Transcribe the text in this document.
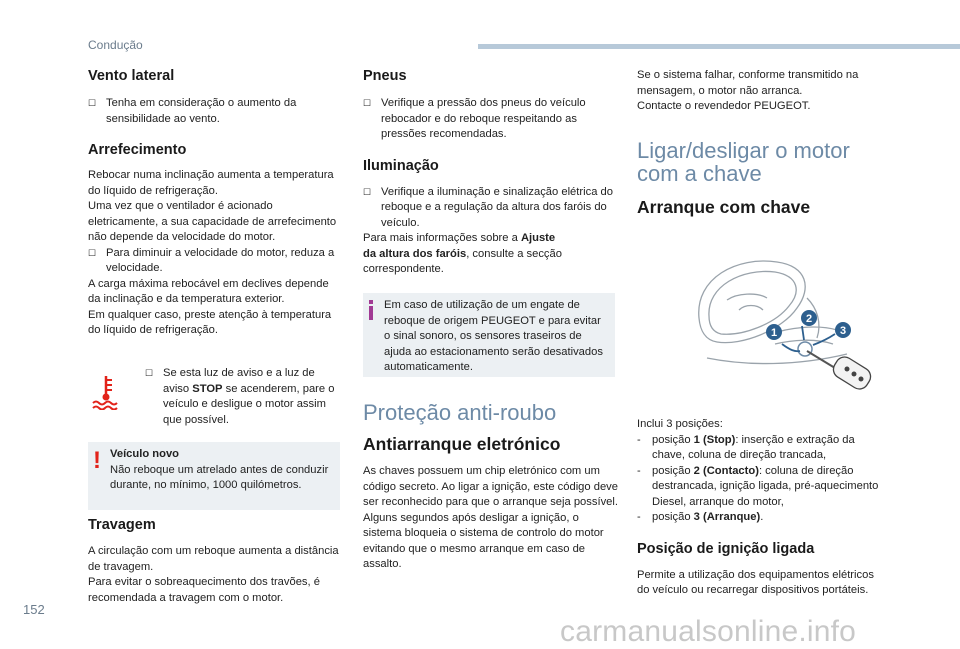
Condução
Vento lateral

☐ Tenha em consideração o aumento da sensibilidade ao vento.

Arrefecimento

Rebocar numa inclinação aumenta a temperatura do líquido de refrigeração.

Uma vez que o ventilador é acionado eletricamente, a sua capacidade de arrefecimento não depende da velocidade do motor.

☐ Para diminuir a velocidade do motor, reduza a velocidade.

A carga máxima rebocável em declives depende da inclinação e da temperatura exterior.

Em qualquer caso, preste atenção à temperatura do líquido de refrigeração.

☐ Se esta luz de aviso e a luz de aviso STOP se acenderem, pare o veículo e desligue o motor assim que possível.

! Veículo novo

Não reboque um atrelado antes de conduzir durante, no mínimo, 1000 quilómetros.

Travagem

A circulação com um reboque aumenta a distância de travagem.

Para evitar o sobreaquecimento dos travões, é recomendada a travagem com o motor.

Pneus

☐ Verifique a pressão dos pneus do veículo rebocador e do reboque respeitando as pressões recomendadas.

Iluminação

☐ Verifique a iluminação e sinalização elétrica do reboque e a regulação da altura dos faróis do veículo.

Para mais informações sobre a Ajuste
da altura dos faróis, consulte a secção correspondente.

Em caso de utilização de um engate de reboque de origem PEUGEOT e para evitar o sinal sonoro, os sensores traseiros de ajuda ao estacionamento serão desativados automaticamente.

Proteção anti-roubo
Antiarranque eletrónico

As chaves possuem um chip eletrónico com um código secreto. Ao ligar a ignição, este código deve ser reconhecido para que o arranque seja possível.

Alguns segundos após desligar a ignição, o sistema bloqueia o sistema de controlo do motor evitando que o mesmo arranque em caso de assalto.

Se o sistema falhar, conforme transmitido na mensagem, o motor não arranca.

Contacte o revendedor PEUGEOT.

Ligar/desligar o motor
com a chave
Arranque com chave
1
2
3

Inclui 3 posições:

- posição 1 (Stop): inserção e extração da chave, coluna de direção trancada,

- posição 2 (Contacto): coluna de direção destrancada, ignição ligada, pré-aquecimento Diesel, arranque do motor,

- posição 3 (Arranque).

Posição de ignição ligada

Permite a utilização dos equipamentos elétricos do veículo ou recarregar dispositivos portáteis.

152
carmanualsonline.info
